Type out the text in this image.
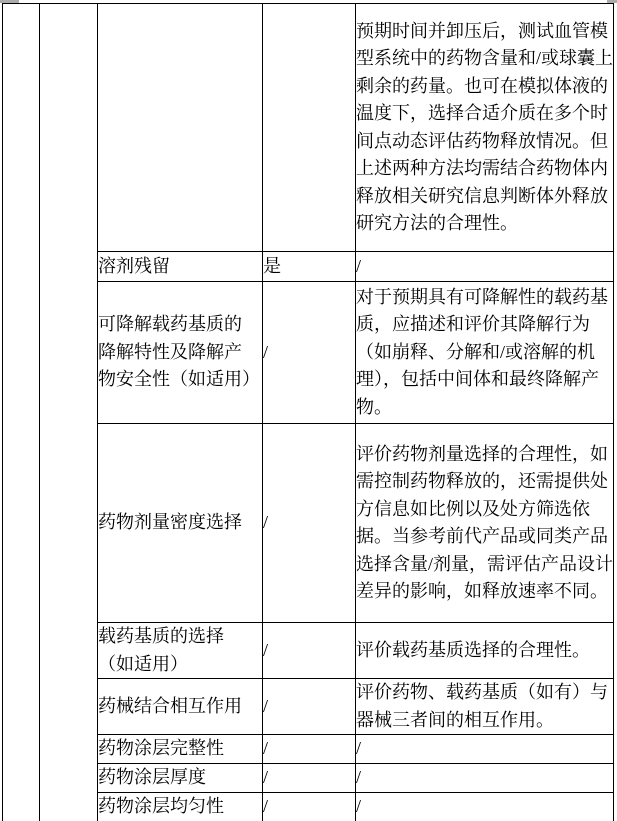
				预期时间并卸压后，测试血管模型系统中的药物含量和/或球囊上剩余的药量。也可在模拟体液的温度下，选择合适介质在多个时间点动态评估药物释放情况。但上述两种方法均需结合药物体内释放相关研究信息判断体外释放研究方法的合理性。
		溶剂残留	是	/
		可降解载药基质的
降解特性及降解产
物安全性（如适用）	/	对于预期具有可降解性的载药基质，应描述和评价其降解行为（如崩释、分解和/或溶解的机理），包括中间体和最终降解产物。
		药物剂量密度选择	/	评价药物剂量选择的合理性，如需控制药物释放的，还需提供处方信息如比例以及处方筛选依据。当参考前代产品或同类产品选择含量/剂量，需评估产品设计差异的影响，如释放速率不同。
		载药基质的选择
（如适用）	/	评价载药基质选择的合理性。
		药械结合相互作用	/	评价药物、载药基质（如有）与器械三者间的相互作用。
		药物涂层完整性	/	/
		药物涂层厚度	/	/
		药物涂层均匀性	/	/
